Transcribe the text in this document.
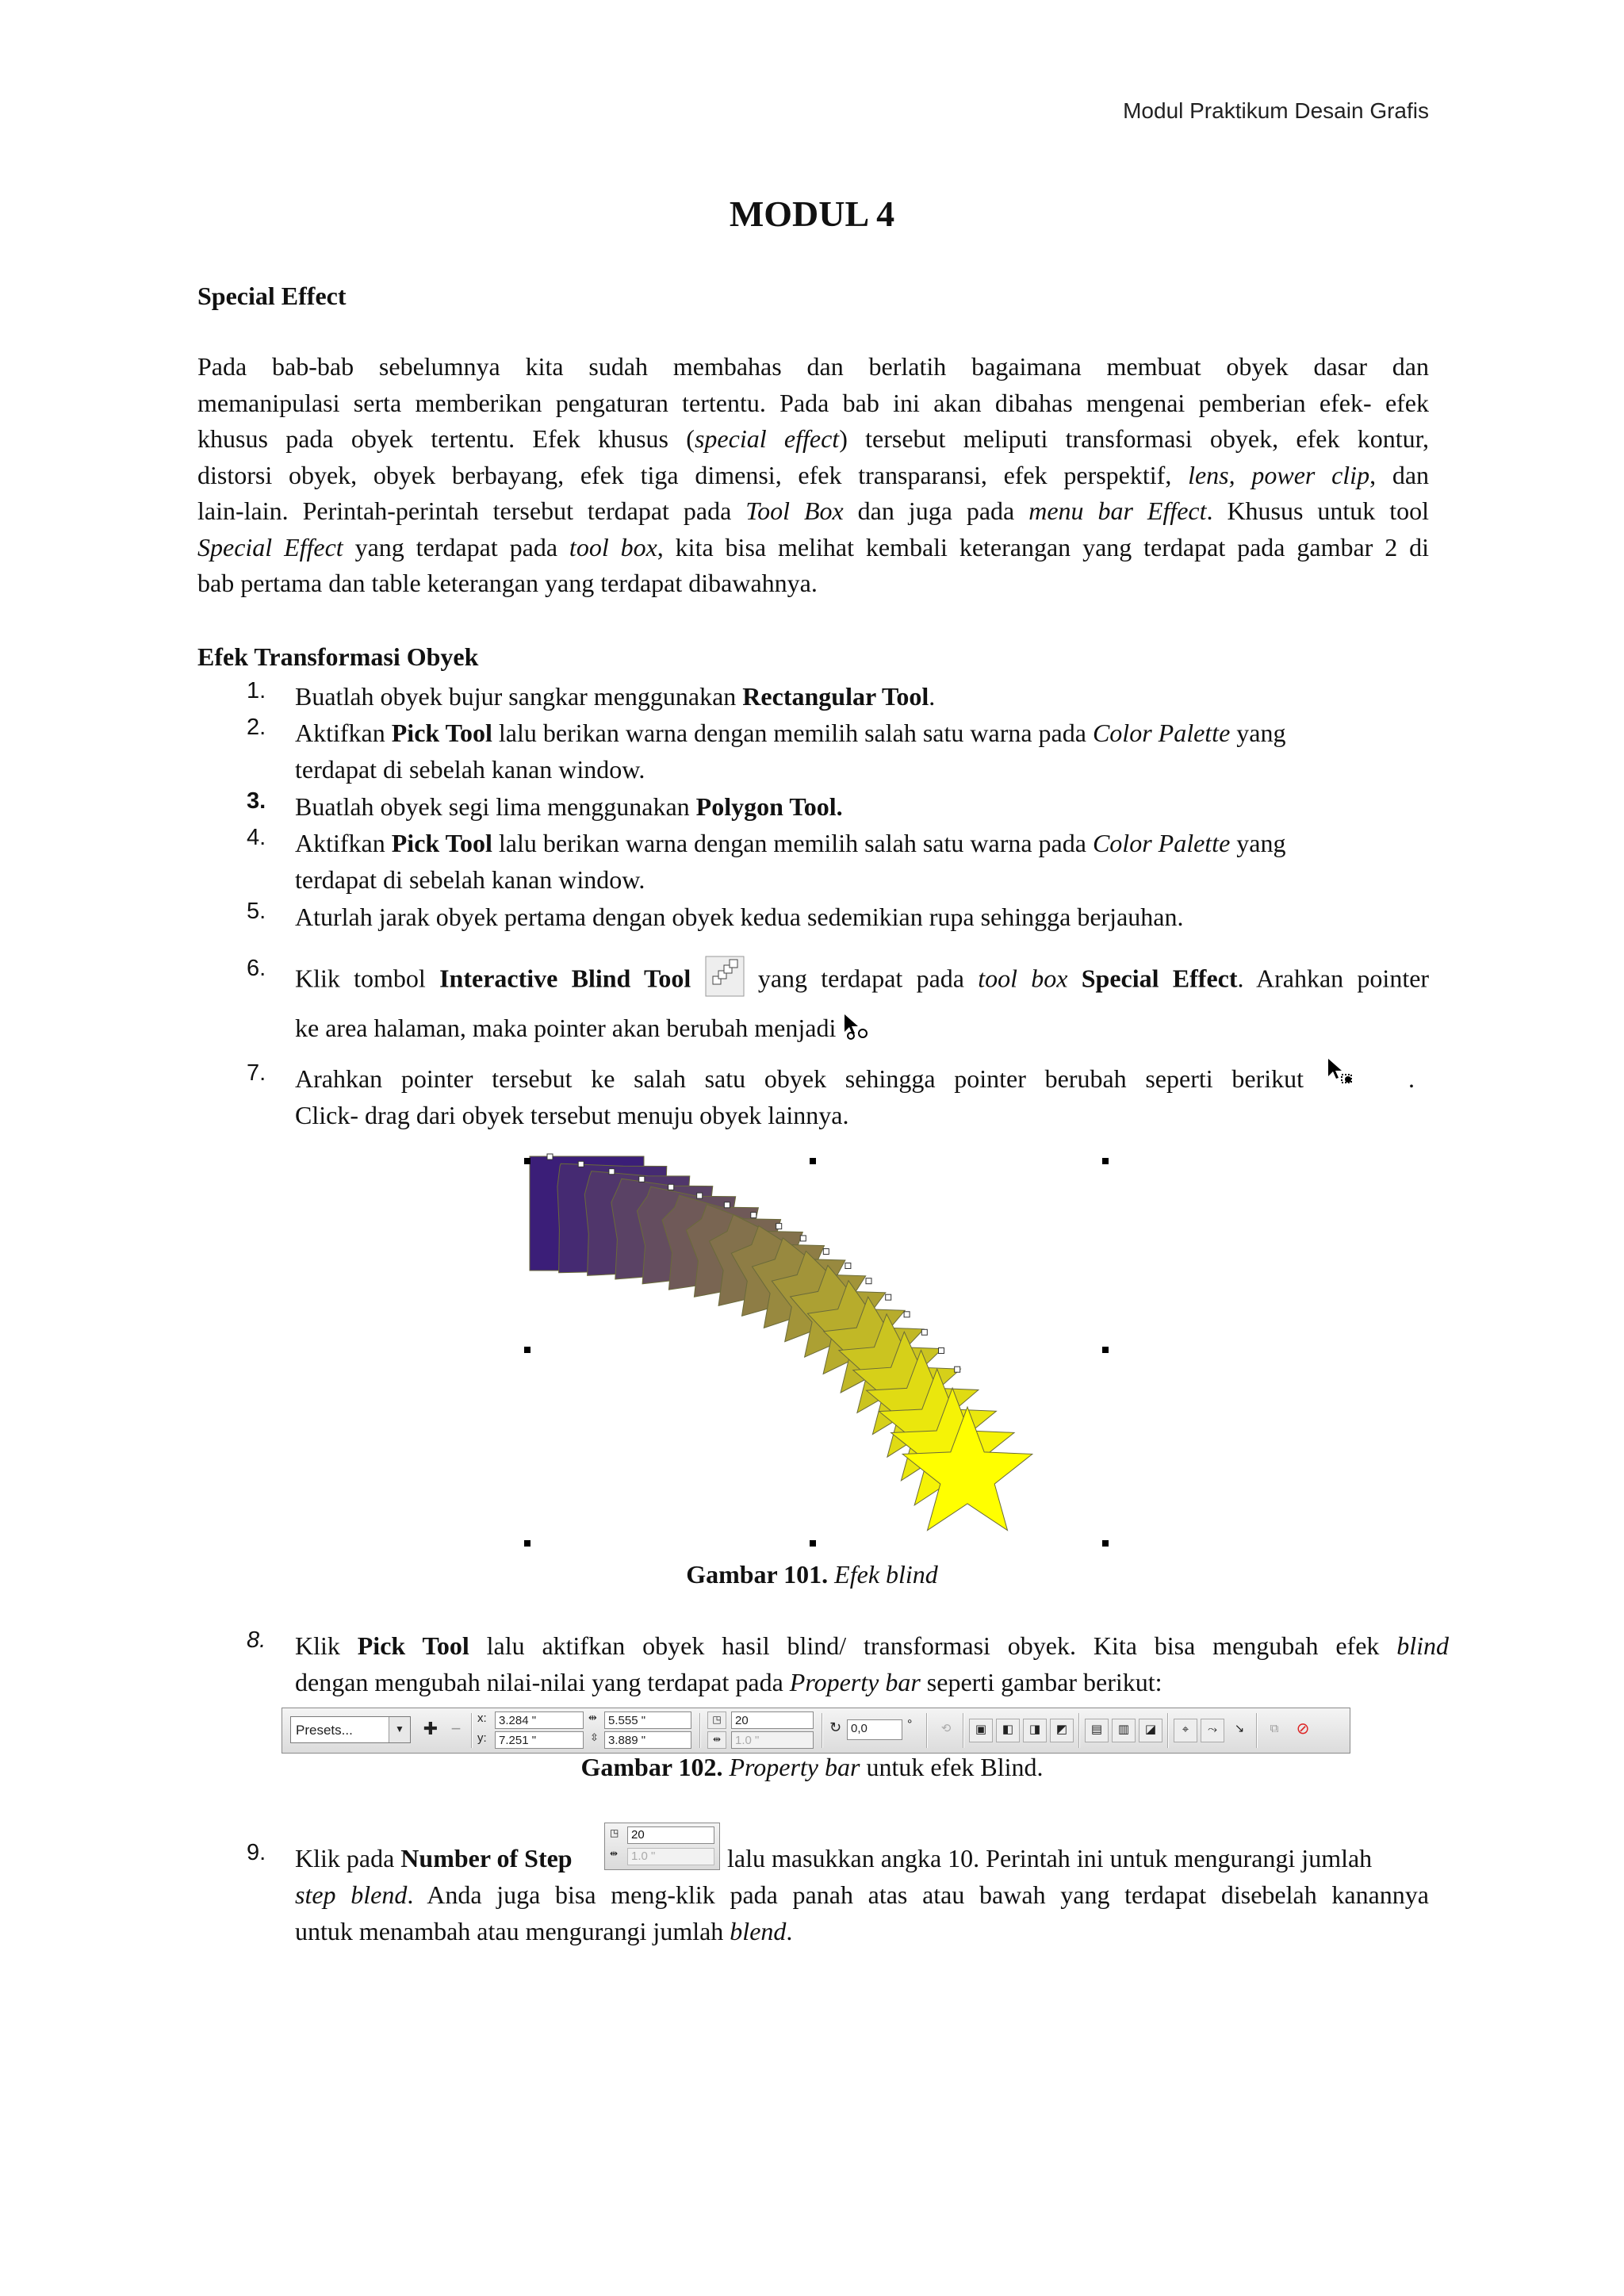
Modul Praktikum Desain Grafis
MODUL 4
Special Effect
Pada bab-bab sebelumnya kita sudah membahas dan berlatih bagaimana membuat obyek dasar dan
memanipulasi serta memberikan pengaturan tertentu. Pada bab ini akan dibahas mengenai pemberian efek- efek
khusus pada obyek tertentu. Efek khusus (special effect) tersebut meliputi transformasi obyek, efek kontur,
distorsi obyek, obyek berbayang, efek tiga dimensi, efek transparansi, efek perspektif, lens, power clip, dan
lain-lain. Perintah-perintah tersebut terdapat pada Tool Box dan juga pada menu bar Effect. Khusus untuk tool
Special Effect yang terdapat pada tool box, kita bisa melihat kembali keterangan yang terdapat pada gambar 2 di
bab pertama dan table keterangan yang terdapat dibawahnya.
Efek Transformasi Obyek
1.	Buatlah obyek bujur sangkar menggunakan Rectangular Tool.
2.	Aktifkan Pick Tool lalu berikan warna dengan memilih salah satu warna pada Color Palette yang
terdapat di sebelah kanan window.
3.	Buatlah obyek segi lima menggunakan Polygon Tool.
4.	Aktifkan Pick Tool lalu berikan warna dengan memilih salah satu warna pada Color Palette yang
terdapat di sebelah kanan window.
5.	Aturlah jarak obyek pertama dengan obyek kedua sedemikian rupa sehingga berjauhan.
6.	Klik tombol Interactive Blind Tool  yang terdapat pada tool box Special Effect. Arahkan pointer
ke area halaman, maka pointer akan berubah menjadi
7.	Arahkan pointer tersebut ke salah satu obyek sehingga pointer berubah seperti berikut	.
Click- drag dari obyek tersebut menuju obyek lainnya.
8.	Klik Pick Tool lalu aktifkan obyek hasil blind/ transformasi obyek. Kita bisa mengubah efek blind
dengan mengubah nilai-nilai yang terdapat pada Property bar seperti gambar berikut:
9.	Klik pada Number of Step	lalu masukkan angka 10. Perintah ini untuk mengurangi jumlah
step blend. Anda juga bisa meng-klik pada panah atas atau bawah yang terdapat disebelah kanannya
untuk menambah atau mengurangi jumlah blend.
Gambar 101. Efek blind
Presets...	▼	✚ −
x:	3.284 "
y:	7.251 "
⇹ 5.555 "
⇳ 3.889 "
◳
⇹
20
1.0 "
↻ 0,0	°	⟲	▣	◧	◨	◩	▤	▥	◪	⌖	⤳	↘	⧉	⊘
Gambar 102. Property bar untuk efek Blind.
◳	20
⇹	1.0 "
